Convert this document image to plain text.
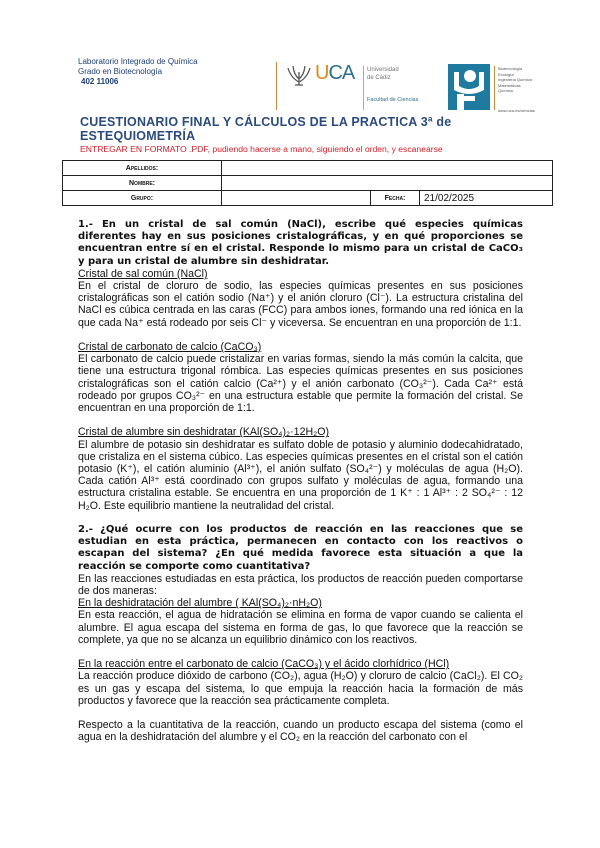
Laboratorio Integrado de Química
Grado en Biotecnología
402 11006	UCA Universidad
de Cádiz
Facultad de Ciencias
Biotecnología
Ecología
Ingeniería Química
Matemáticas
Química
www.uca.es/ciencias
CUESTIONARIO FINAL Y CÁLCULOS DE LA PRACTICA 3ª de ESTEQUIOMETRÍA
ENTREGAR EN FORMATO .PDF, pudiendo hacerse a mano, siguiendo el orden, y escanearse
Apellidos:			
Nombre:			
Grupo:		Fecha:	21/02/2025

1.- En un cristal de sal común (NaCl), escribe qué especies químicas diferentes hay en sus posiciones cristalográficas, y en qué proporciones se encuentran entre sí en el cristal. Responde lo mismo para un cristal de CaCO₃ y para un cristal de alumbre sin deshidratar.

Cristal de sal común (NaCl)

En el cristal de cloruro de sodio, las especies químicas presentes en sus posiciones cristalográficas son el catión sodio (Na⁺) y el anión cloruro (Cl⁻). La estructura cristalina del NaCl es cúbica centrada en las caras (FCC) para ambos iones, formando una red iónica en la que cada Na⁺ está rodeado por seis Cl⁻ y viceversa. Se encuentran en una proporción de 1:1.

Cristal de carbonato de calcio (CaCO₃)

El carbonato de calcio puede cristalizar en varias formas, siendo la más común la calcita, que tiene una estructura trigonal rómbica. Las especies químicas presentes en sus posiciones cristalográficas son el catión calcio (Ca²⁺) y el anión carbonato (CO₃²⁻). Cada Ca²⁺ está rodeado por grupos CO₃²⁻ en una estructura estable que permite la formación del cristal. Se encuentran en una proporción de 1:1.

Cristal de alumbre sin deshidratar (KAl(SO₄)₂·12H₂O)

El alumbre de potasio sin deshidratar es sulfato doble de potasio y aluminio dodecahidratado, que cristaliza en el sistema cúbico. Las especies químicas presentes en el cristal son el catión potasio (K⁺), el catión aluminio (Al³⁺), el anión sulfato (SO₄²⁻) y moléculas de agua (H₂O). Cada catión Al³⁺ está coordinado con grupos sulfato y moléculas de agua, formando una estructura cristalina estable. Se encuentra en una proporción de 1 K⁺ : 1 Al³⁺ : 2 SO₄²⁻ : 12 H₂O. Este equilibrio mantiene la neutralidad del cristal.

2.- ¿Qué ocurre con los productos de reacción en las reacciones que se estudian en esta práctica, permanecen en contacto con los reactivos o escapan del sistema? ¿En qué medida favorece esta situación a que la reacción se comporte como cuantitativa?

En las reacciones estudiadas en esta práctica, los productos de reacción pueden comportarse de dos maneras:

En la deshidratación del alumbre ( KAl(SO₄)₂·nH₂O)

En esta reacción, el agua de hidratación se elimina en forma de vapor cuando se calienta el alumbre. El agua escapa del sistema en forma de gas, lo que favorece que la reacción se complete, ya que no se alcanza un equilibrio dinámico con los reactivos.

En la reacción entre el carbonato de calcio (CaCO₃) y el ácido clorhídrico (HCl)

La reacción produce dióxido de carbono (CO₂), agua (H₂O) y cloruro de calcio (CaCl₂). El CO₂ es un gas y escapa del sistema, lo que empuja la reacción hacia la formación de más productos y favorece que la reacción sea prácticamente completa.

Respecto a la cuantitativa de la reacción, cuando un producto escapa del sistema (como el agua en la deshidratación del alumbre y el CO₂ en la reacción del carbonato con el
